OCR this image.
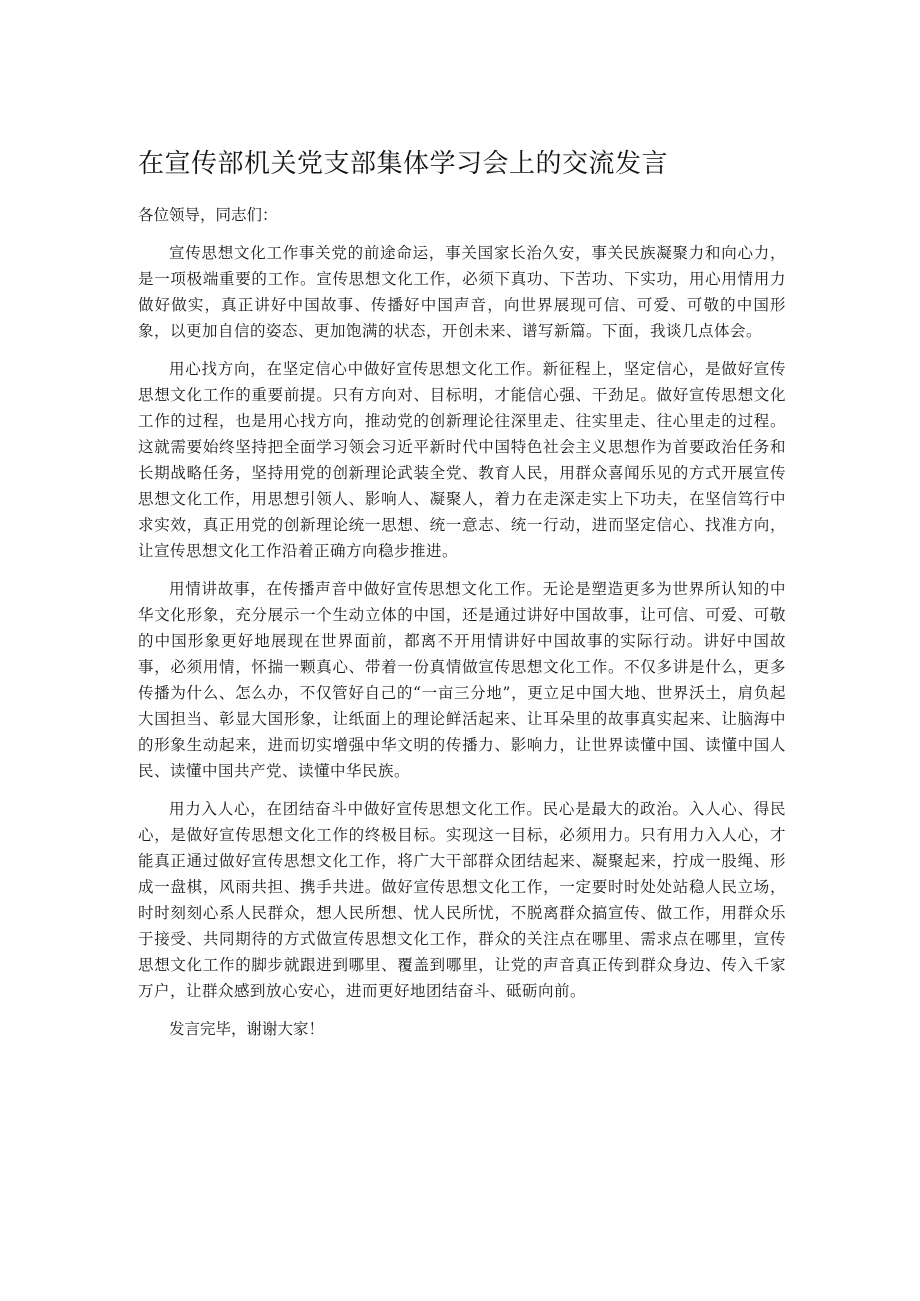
在宣传部机关党支部集体学习会上的交流发言

各位领导，同志们：

宣传思想文化工作事关党的前途命运，事关国家长治久安，事关民族凝聚力和向心力，是一项极端重要的工作。宣传思想文化工作，必须下真功、下苦功、下实功，用心用情用力做好做实，真正讲好中国故事、传播好中国声音，向世界展现可信、可爱、可敬的中国形象，以更加自信的姿态、更加饱满的状态，开创未来、谱写新篇。下面，我谈几点体会。

用心找方向，在坚定信心中做好宣传思想文化工作。新征程上，坚定信心，是做好宣传思想文化工作的重要前提。只有方向对、目标明，才能信心强、干劲足。做好宣传思想文化工作的过程，也是用心找方向，推动党的创新理论往深里走、往实里走、往心里走的过程。这就需要始终坚持把全面学习领会习近平新时代中国特色社会主义思想作为首要政治任务和长期战略任务，坚持用党的创新理论武装全党、教育人民，用群众喜闻乐见的方式开展宣传思想文化工作，用思想引领人、影响人、凝聚人，着力在走深走实上下功夫，在坚信笃行中求实效，真正用党的创新理论统一思想、统一意志、统一行动，进而坚定信心、找准方向，让宣传思想文化工作沿着正确方向稳步推进。

用情讲故事，在传播声音中做好宣传思想文化工作。无论是塑造更多为世界所认知的中华文化形象，充分展示一个生动立体的中国，还是通过讲好中国故事，让可信、可爱、可敬的中国形象更好地展现在世界面前，都离不开用情讲好中国故事的实际行动。讲好中国故事，必须用情，怀揣一颗真心、带着一份真情做宣传思想文化工作。不仅多讲是什么，更多传播为什么、怎么办，不仅管好自己的“一亩三分地”，更立足中国大地、世界沃土，肩负起大国担当、彰显大国形象，让纸面上的理论鲜活起来、让耳朵里的故事真实起来、让脑海中的形象生动起来，进而切实增强中华文明的传播力、影响力，让世界读懂中国、读懂中国人民、读懂中国共产党、读懂中华民族。

用力入人心，在团结奋斗中做好宣传思想文化工作。民心是最大的政治。入人心、得民心，是做好宣传思想文化工作的终极目标。实现这一目标，必须用力。只有用力入人心，才能真正通过做好宣传思想文化工作，将广大干部群众团结起来、凝聚起来，拧成一股绳、形成一盘棋，风雨共担、携手共进。做好宣传思想文化工作，一定要时时处处站稳人民立场，时时刻刻心系人民群众，想人民所想、忧人民所忧，不脱离群众搞宣传、做工作，用群众乐于接受、共同期待的方式做宣传思想文化工作，群众的关注点在哪里、需求点在哪里，宣传思想文化工作的脚步就跟进到哪里、覆盖到哪里，让党的声音真正传到群众身边、传入千家万户，让群众感到放心安心，进而更好地团结奋斗、砥砺向前。

发言完毕，谢谢大家！
